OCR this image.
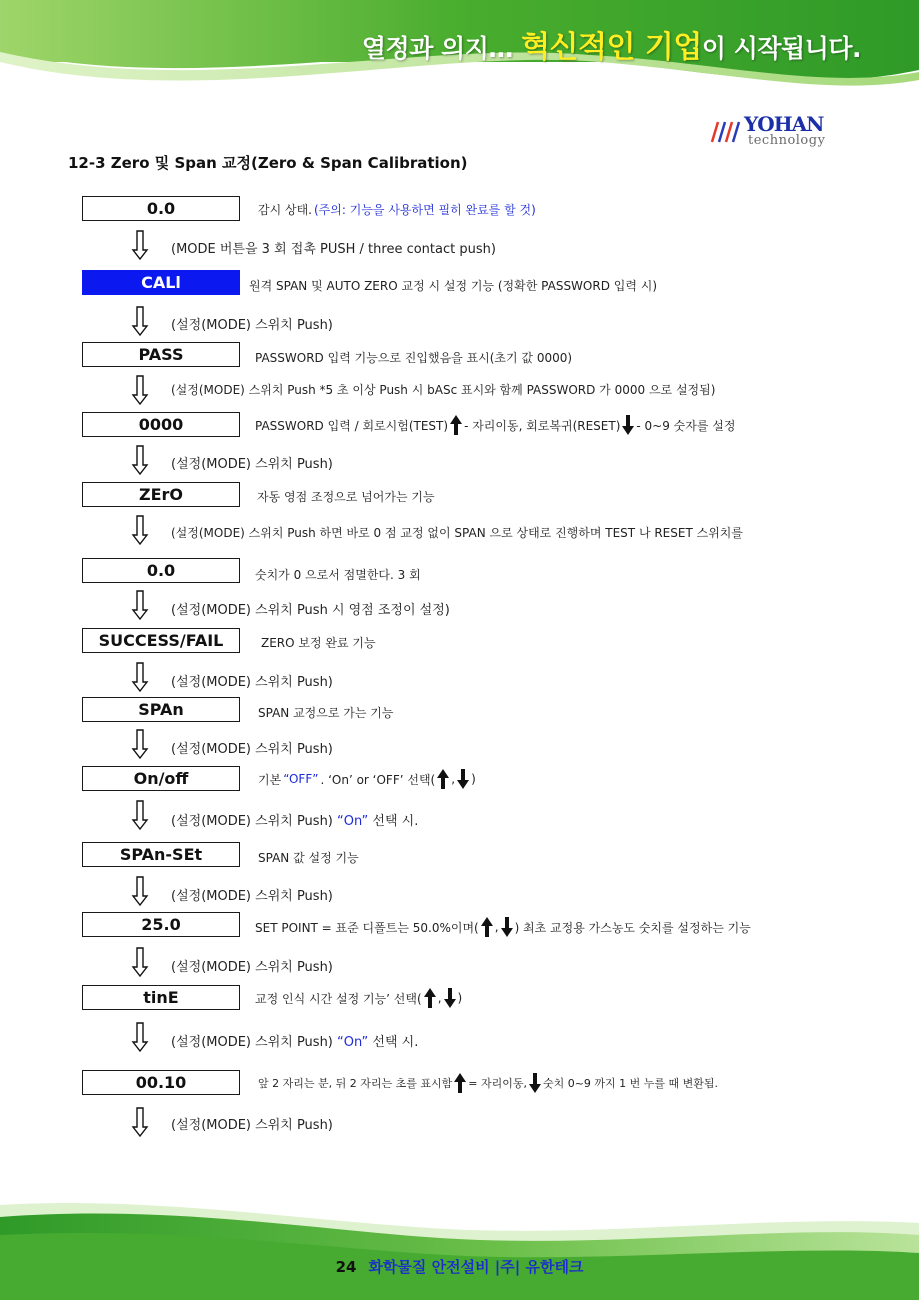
열정과 의지… 혁신적인 기업이 시작됩니다.
YOHAN
technology
12-3 Zero 및 Span 교정(Zero & Span Calibration)
0.0	감시 상태. (주의: 기능을 사용하면 필히 완료를 할 것)
(MODE 버튼을 3 회 접촉 PUSH / three contact push)
CALl	원격 SPAN 및 AUTO ZERO 교정 시 설정 기능 (정확한 PASSWORD 입력 시)
(설정(MODE) 스위치 Push)
PASS	PASSWORD 입력 기능으로 진입했음을 표시(초기 값 0000)
(설정(MODE) 스위치 Push *5 초 이상 Push 시 bASc 표시와 함께 PASSWORD 가 0000 으로 설정됨)
0000	PASSWORD 입력 / 회로시험(TEST) - 자리이동, 회로복귀(RESET) - 0~9 숫자를 설정
(설정(MODE) 스위치 Push)
ZErO	자동 영점 조정으로 넘어가는 기능
(설정(MODE) 스위치 Push 하면 바로 0 점 교정 없이 SPAN 으로 상태로 진행하며 TEST 나 RESET 스위치를
0.0	숫치가 0 으로서 점멸한다. 3 회
(설정(MODE) 스위치 Push 시 영점 조정이 설정)
SUCCESS/FAIL	ZERO 보정 완료 기능
(설정(MODE) 스위치 Push)
SPAn	SPAN 교정으로 가는 기능
(설정(MODE) 스위치 Push)
On/off	기본 “OFF” . ‘On’ or ‘OFF’ 선택( , )
(설정(MODE) 스위치 Push) “On” 선택 시.
SPAn-SEt	SPAN 값 설정 기능
(설정(MODE) 스위치 Push)
25.0	SET POINT = 표준 디폴트는 50.0%이며( , ) 최초 교정용 가스농도 숫치를 설정하는 기능
(설정(MODE) 스위치 Push)
tinE	교정 인식 시간 설정 기능’ 선택( , )
(설정(MODE) 스위치 Push) “On” 선택 시.
00.10	앞 2 자리는 분, 뒤 2 자리는 초를 표시함 = 자리이동, 숫치 0~9 까지 1 번 누를 때 변환됨.
(설정(MODE) 스위치 Push)
24 화학물질 안전설비 |주| 유한테크
